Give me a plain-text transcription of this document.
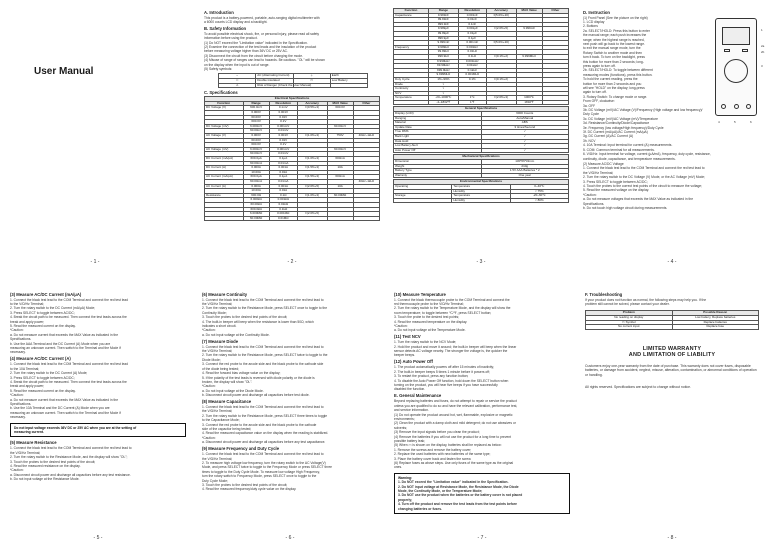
User Manual
- 1 -
A. Introduction
This product is a battery-powered, portable, auto-ranging digital multimeter with
a 6000 counts LCD display and a backlight.
B. Safety Information
To avoid possible electrical shock, fire, or personal injury, please read all safety
information before using the product.
(1) Do NOT exceed the "Limitation value" indicated in the Specification.
(2) Examine the connection of the test leads and the insulation of the product
before measuring voltage higher than 36V DC or 25V AC.
(3) Disconnect the circuit from the circuit before changing the mode.
(4) Misuse of range of ranges can lead to hazards. Be cautious. "OL" will be shown
on the display when the input is out of range.
(5) Safety symbols:
~	AC (Alternating Current)	⏚	Earth
□	Double insulated	▭	Low Battery
⚠	Risk of Danger (Check the User Manual)		
C. Specifications
Electrical Specifications					
Function	Range	Resolution	Accuracy	MAX Value	Other
DC Voltage (V)	600.0mV	0.1mV	±(0.5%+3)	600.0V	
	6.000V	0.001V			
	60.00V	0.01V			
	600.0V	0.1V			
DC Voltage (mV)	6.000mV	0.001mV		60.00mV	
	60.00mV	0.01mV			
AC Voltage (V)	6.000V	0.001V	±(1.0%+3)	750V	40Hz~1kHz
	60.00V	0.01V			
	600.0V	0.1V			
AC Voltage (mV)	6.000mV	0.001mV		60.00mV	
	60.00mV	0.01mV			
DC Current (mA/μA)	600.0μA	0.1μA	±(1.0%+3)	600mA	
	60.00mA	0.01mA			
DC Current (A)	6.000A	0.001A	±(1.5%+3)	10A	
	10.00A	0.01A			
AC Current (mA/μA)	600.0μA	0.1μA	±(1.5%+3)	600mA	
	60.00mA	0.01mA			40Hz~1kHz
AC Current (A)	6.000A	0.001A	±(2.0%+5)	10A	
	10.00A	0.01A			
Resistance	600.0Ω	0.1Ω	±(1.0%+3)	60.00MΩ	
	6.000kΩ	0.001kΩ			
	60.00kΩ	0.01kΩ			
	600.0kΩ	0.1kΩ			
	6.000MΩ	0.001MΩ	±(2.0%+5)		
	60.00MΩ	0.01MΩ			
- 2 -
Function	Range	Resolution	Accuracy	MAX Value	Other
Capacitance	9.999nF	0.001nF	±(5.0%+20)		
	99.99nF	0.01nF			
	999.9nF	0.1nF			
	9.999μF	0.001μF	±(2.0%+5)	9.999mF	
	99.99μF	0.01μF			
	999.9μF	0.1μF			
	9.999mF	0.001mF	±(5.0%+20)		
Frequency	9.999Hz	0.001Hz			
	99.99Hz	0.01Hz			
	999.9Hz	0.1Hz	±(0.1%+2)	9.999MHz	
	9.999kHz	0.001kHz			
	99.99kHz	0.01kHz			
	999.9kHz	0.1kHz			
	9.999MHz	0.001MHz			
Duty Cycle	1%~99%	0.1%	±(0.1%+2)		
Diode	√				
Continuity	√				
NCV	√				
Temperature	-20~1000℃	1℃	±(2.0%+3)	1000℃	
	-4~1832℉	1℉		1832℉	
General Specifications	
Display (LCD)	6000 Counts
Ranging	Auto/Manual
Material	ABS
Update Rate	3 times/Second
True RMS	√
Back Light	√
Data Hold	√
Low Battery Alert	√
Auto Power Off	√
Mechanical Specifications	
Dimension	130*66*32mm
Weight	210g
Battery Type	1.5V AAA Batteries * 2
Warranty	One year
Environmental Specifications		
Operating	Temperature	0~40℃
	Humidity	< 75%
Storage	Temperature	-20~60℃
	Humidity	< 80%
- 3 -
D. Instruction
(1) Front Panel (See the picture on the right)
1. LCD display
2. Buttons
2a. SELECT/HOLD: Press this button to enter
the manual range; each push increases the
range; when the highest range is reached,
next push will go back to the lowest range.
to exit the manual range mode, turn the
Rotary Switch to another mode and then
turn it back. To turn on the backlight, press
this button for more than 2 seconds; long-
press again to turn off.
2b. SELECT/HOLD: To toggle between different
measuring modes (functions), press this button.
To hold the current reading, press the
button for more than 2 seconds and you
will see "HOLD" on the display; long-press
again to turn off.
3. Rotary Switch: To change mode or range.
From OFF, clockwise:
3a. OFF
3b. DC Voltage (mV)/AC Voltage (V)/Frequency (High voltage and low frequency)/
Duty Cycle
3c. DC Voltage (mV)/AC Voltage (mV)/Temperature
3d. Resistance/Continuity/Diode/Capacitance
3e. Frequency (low voltage/High frequency)/Duty Cycle
3f. DC Current (mA/μA)/AC Current (mA/μA)
3g. DC Current (A)/AC Current (A)
3h. NCV
4. 10A Terminal: Input terminal for current (A) measurements.
5. COM: Common terminal for all measurements.
6. V/Ω/Hz: Input terminal for voltage, current (μA/mA), frequency, duty cycle, resistance,
continuity, diode, capacitance, and temperature measurements.
1
2a
2b
3
4	5	6
(2) Measure AC/DC Voltage
1. Connect the black test lead to the COM Terminal and connect the red test lead to
the V/Ω/Hz Terminal;
2. Turn the rotary switch to the DC Voltage (V) Mode, or the AC Voltage (mV) Mode;
3. Press SELECT to toggle between AC/DC;
4. Touch the probes to the correct test points of the circuit to measure the voltage;
5. Read the measured voltage on the display.
*Caution:
a. Do not measure voltages that exceeds the MAX Value as indicated in the
Specifications.
b. Do not touch high voltage circuit during measurements.
- 4 -
(3) Measure AC/DC Current (mA/μA)
1. Connect the black test lead to the COM Terminal and connect the red test lead
to the V/Ω/Hz Terminal;
2. Turn the rotary switch to the DC Current (mA/μA) Mode;
3. Press SELECT to toggle between AC/DC;
4. Break the circuit path to be measured. Then connect the test leads across the
break and apply power;
5. Read the measured current on the display.
*Caution:
a. Do not measure current that exceeds the MAX Value as indicated in the
Specifications.
b. Use the AAA Terminal and the DC Current (A) Mode when you are
measuring an unknown current. Then switch to the Terminal and the Mode if
necessary.
(4) Measure AC/DC Current (A)
1. Connect the black test lead to the COM Terminal and connect the red test lead
to the 10A Terminal;
2. Turn the rotary switch to the DC Current (A) Mode;
3. Press SELECT to toggle between AC/DC;
4. Break the circuit path to be measured. Then connect the test leads across the
break and apply power;
5. Read the measured current on the display.
*Caution:
a. Do not measure current that exceeds the MAX Value as indicated in the
Specifications.
b. Use the 10A Terminal and the DC Current (A) Mode when you are
measuring an unknown current. Then switch to the Terminal and the Mode if
necessary.
Do not input voltage exceeds 36V DC or 25V AC when you are at the setting of
measuring current.
(5) Measure Resistance
1. Connect the black test lead to the COM Terminal and connect the red test lead to
the V/Ω/Hz Terminal;
2. Turn the rotary switch to the Resistance Mode, and the display will show "OL";
3. Touch the probes to the desired test points of the circuit;
4. Read the measured resistance on the display.
*Caution:
a. Disconnect circuit power and discharge all capacitors before any test resistance.
b. Do not input voltage at the Resistance Mode.
- 5 -
(6) Measure Continuity
1. Connect the black test lead to the COM Terminal and connect the red test lead to
the V/Ω/Hz Terminal;
2. Turn the rotary switch to the Resistance Mode, press SELECT once to toggle to the
Continuity Mode;
3. Touch the probes to the desired test points of the circuit;
4. The built-in beeper will beep when the resistance is lower than 50Ω, which
indicates a short circuit.
*Caution:
a. Do not input voltage at the Continuity Mode.
(7) Measure Diode
1. Connect the black test lead to the COM Terminal and connect the red test lead to
the V/Ω/Hz Terminal;
2. Turn the rotary switch to the Resistance Mode, press SELECT twice to toggle to the
Diode Mode;
3. Connect the red probe to the anode side and the black probe to the cathode side
of the diode being tested;
4. Read the forward bias voltage value on the display;
5. If the polarity of the test leads is reversed with diode polarity or the diode is
broken, the display will show "OL".
*Caution:
a. Do not input voltage at the Diode Mode.
b. Disconnect circuit power and discharge all capacitors before test diode.
(8) Measure Capacitance
1. Connect the black test lead to the COM Terminal and connect the red test lead to
the V/Ω/Hz Terminal;
2. Turn the rotary switch to the Resistance Mode, press SELECT three times to toggle
to the Capacitance Mode;
3. Connect the red probe to the anode side and the black probe to the cathode
side of the capacitor being tested;
4. Read the measured capacitance value on the display when the reading is stabilized.
*Caution:
a. Disconnect circuit power and discharge all capacitors before any test capacitance.
(9) Measure Frequency and Duty Cycle
1. Connect the black test lead to the COM Terminal and connect the red test lead to
the V/Ω/Hz Terminal;
2. To measure high voltage low frequency, turn the rotary switch to the AC Voltage(V)
Mode, and press SELECT twice to toggle to the Frequency Mode or press SELECT three
times to toggle to the Duty Cycle Mode. To measure low voltage High Frequency,
turn the rotary switch to Frequency Mode, press SELECT once to toggle to the
Duty Cycle Mode;
3. Touch the probes to the desired test points of the circuit;
4. Read the measured frequency/duty cycle value on the display.
- 6 -
(10) Measure Temperature
1. Connect the black thermocouple probe to the COM Terminal and connect the
red thermocouple probe to the V/Ω/Hz Terminal;
2. Turn the rotary switch to the Temperature Mode, and the display will show the
room temperature; to toggle between ℃/℉, press SELECT button;
3. Touch the probe to the desired test points;
4. Read the measured temperature on the display.
*Caution:
a. Do not input voltage at the Temperature Mode.
(11) Test NCV
1. Turn the rotary switch to the NCV Mode;
2. Hold the product and move it around; the built-in beeper will beep when the linear
sensor detects AC voltage nearby. The stronger the voltage is, the quicker the
beeper beeps.
(12) Auto Power Off
1. The product automatically powers off after 15 minutes of inactivity;
2. The built-in beeper beeps 5 times 1 minute before it powers off;
3. To restart the product, press any function button;
4. To disable the Auto Power Off function, hold down the SELECT button when
turning on the product, you will hear five beeps if you have successfully
disabled the function.
E. General Maintenance
Beyond replacing batteries and fuses, do not attempt to repair or service the product
unless you are qualified to do so and have the relevant calibration, performance test,
and service information.
(1) Do not operate the product around hot, wet, flammable, explosive or magnetic
environments;
(2) Clean the product with a damp cloth and mild detergent; do not use abrasives or
solvents;
(3) Remove the input signals before you clean the product;
(4) Remove the batteries if you will not use the product for a long time to prevent
possible battery leak;
(5) When ▭ is shown on the display, batteries shall be replaced as below:
1. Remove the screws and remove the battery cover;
2. Replace the used batteries with new batteries of the same type;
3. Place the battery cover back and fasten the screw.
(6) Replace fuses as above steps. Use only fuses of the same type as the original
ones.
Warning:
1. Do NOT exceed the "Limitation value" indicated in the Specification.
2. Do NOT input voltage at Resistance Mode, the Resistance Mode, the Diode
Mode, the Continuity Mode, or the Temperature Mode;
3. Do NOT use the product when the batteries or the battery cover is not placed
properly;
4. Turn off the product and remove the test leads from the test points before
changing batteries or fuses.
- 7 -
F. Troubleshooting
If your product does not function as normal, the following steps may help you. If the
problem still cannot be solved, please contact your dealer.
Problem	Possible Reason
No reading on display	Low battery, Replace batteries
▭ Symbol	Replace batteries
No current input	Replace fuse
LIMITED WARRANTY
AND LIMITATION OF LIABILITY
Customers enjoy one-year warranty from the date of purchase. This warranty does not cover fuses, disposable batteries, or damage from accident, neglect, misuse, alteration, contamination, or abnormal conditions of operation or handling.
All rights reserved. Specifications are subject to change without notice.
- 8 -
